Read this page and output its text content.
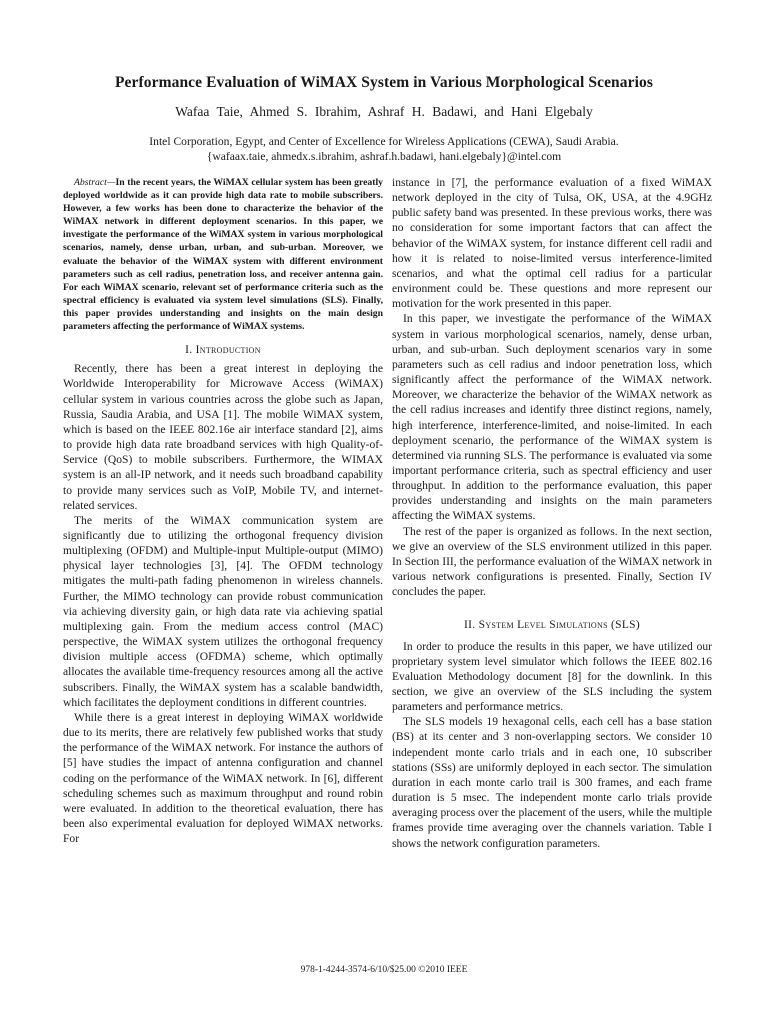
Performance Evaluation of WiMAX System in Various Morphological Scenarios
Wafaa Taie, Ahmed S. Ibrahim, Ashraf H. Badawi, and Hani Elgebaly
Intel Corporation, Egypt, and Center of Excellence for Wireless Applications (CEWA), Saudi Arabia.
{wafaax.taie, ahmedx.s.ibrahim, ashraf.h.badawi, hani.elgebaly}@intel.com

Abstract—In the recent years, the WiMAX cellular system has been greatly deployed worldwide as it can provide high data rate to mobile subscribers. However, a few works has been done to characterize the behavior of the WiMAX network in different deployment scenarios. In this paper, we investigate the performance of the WiMAX system in various morphological scenarios, namely, dense urban, urban, and sub-urban. Moreover, we evaluate the behavior of the WiMAX system with different environment parameters such as cell radius, penetration loss, and receiver antenna gain. For each WiMAX scenario, relevant set of performance criteria such as the spectral efficiency is evaluated via system level simulations (SLS). Finally, this paper provides understanding and insights on the main design parameters affecting the performance of WiMAX systems.

I. Introduction

Recently, there has been a great interest in deploying the Worldwide Interoperability for Microwave Access (WiMAX) cellular system in various countries across the globe such as Japan, Russia, Saudia Arabia, and USA [1]. The mobile WiMAX system, which is based on the IEEE 802.16e air interface standard [2], aims to provide high data rate broadband services with high Quality-of-Service (QoS) to mobile subscribers. Furthermore, the WIMAX system is an all-IP network, and it needs such broadband capability to provide many services such as VoIP, Mobile TV, and internet-related services.

The merits of the WiMAX communication system are significantly due to utilizing the orthogonal frequency division multiplexing (OFDM) and Multiple-input Multiple-output (MIMO) physical layer technologies [3], [4]. The OFDM technology mitigates the multi-path fading phenomenon in wireless channels. Further, the MIMO technology can provide robust communication via achieving diversity gain, or high data rate via achieving spatial multiplexing gain. From the medium access control (MAC) perspective, the WiMAX system utilizes the orthogonal frequency division multiple access (OFDMA) scheme, which optimally allocates the available time-frequency resources among all the active subscribers. Finally, the WiMAX system has a scalable bandwidth, which facilitates the deployment conditions in different countries.

While there is a great interest in deploying WiMAX worldwide due to its merits, there are relatively few published works that study the performance of the WiMAX network. For instance the authors of [5] have studies the impact of antenna configuration and channel coding on the performance of the WiMAX network. In [6], different scheduling schemes such as maximum throughput and round robin were evaluated. In addition to the theoretical evaluation, there has been also experimental evaluation for deployed WiMAX networks. For

instance in [7], the performance evaluation of a fixed WiMAX network deployed in the city of Tulsa, OK, USA, at the 4.9GHz public safety band was presented. In these previous works, there was no consideration for some important factors that can affect the behavior of the WiMAX system, for instance different cell radii and how it is related to noise-limited versus interference-limited scenarios, and what the optimal cell radius for a particular environment could be. These questions and more represent our motivation for the work presented in this paper.

In this paper, we investigate the performance of the WiMAX system in various morphological scenarios, namely, dense urban, urban, and sub-urban. Such deployment scenarios vary in some parameters such as cell radius and indoor penetration loss, which significantly affect the performance of the WiMAX network. Moreover, we characterize the behavior of the WiMAX network as the cell radius increases and identify three distinct regions, namely, high interference, interference-limited, and noise-limited. In each deployment scenario, the performance of the WiMAX system is determined via running SLS. The performance is evaluated via some important performance criteria, such as spectral efficiency and user throughput. In addition to the performance evaluation, this paper provides understanding and insights on the main parameters affecting the WiMAX systems.

The rest of the paper is organized as follows. In the next section, we give an overview of the SLS environment utilized in this paper. In Section III, the performance evaluation of the WiMAX network in various network configurations is presented. Finally, Section IV concludes the paper.

II. System Level Simulations (SLS)

In order to produce the results in this paper, we have utilized our proprietary system level simulator which follows the IEEE 802.16 Evaluation Methodology document [8] for the downlink. In this section, we give an overview of the SLS including the system parameters and performance metrics.

The SLS models 19 hexagonal cells, each cell has a base station (BS) at its center and 3 non-overlapping sectors. We consider 10 independent monte carlo trials and in each one, 10 subscriber stations (SSs) are uniformly deployed in each sector. The simulation duration in each monte carlo trail is 300 frames, and each frame duration is 5 msec. The independent monte carlo trials provide averaging process over the placement of the users, while the multiple frames provide time averaging over the channels variation. Table I shows the network configuration parameters.

978-1-4244-3574-6/10/$25.00 ©2010 IEEE
